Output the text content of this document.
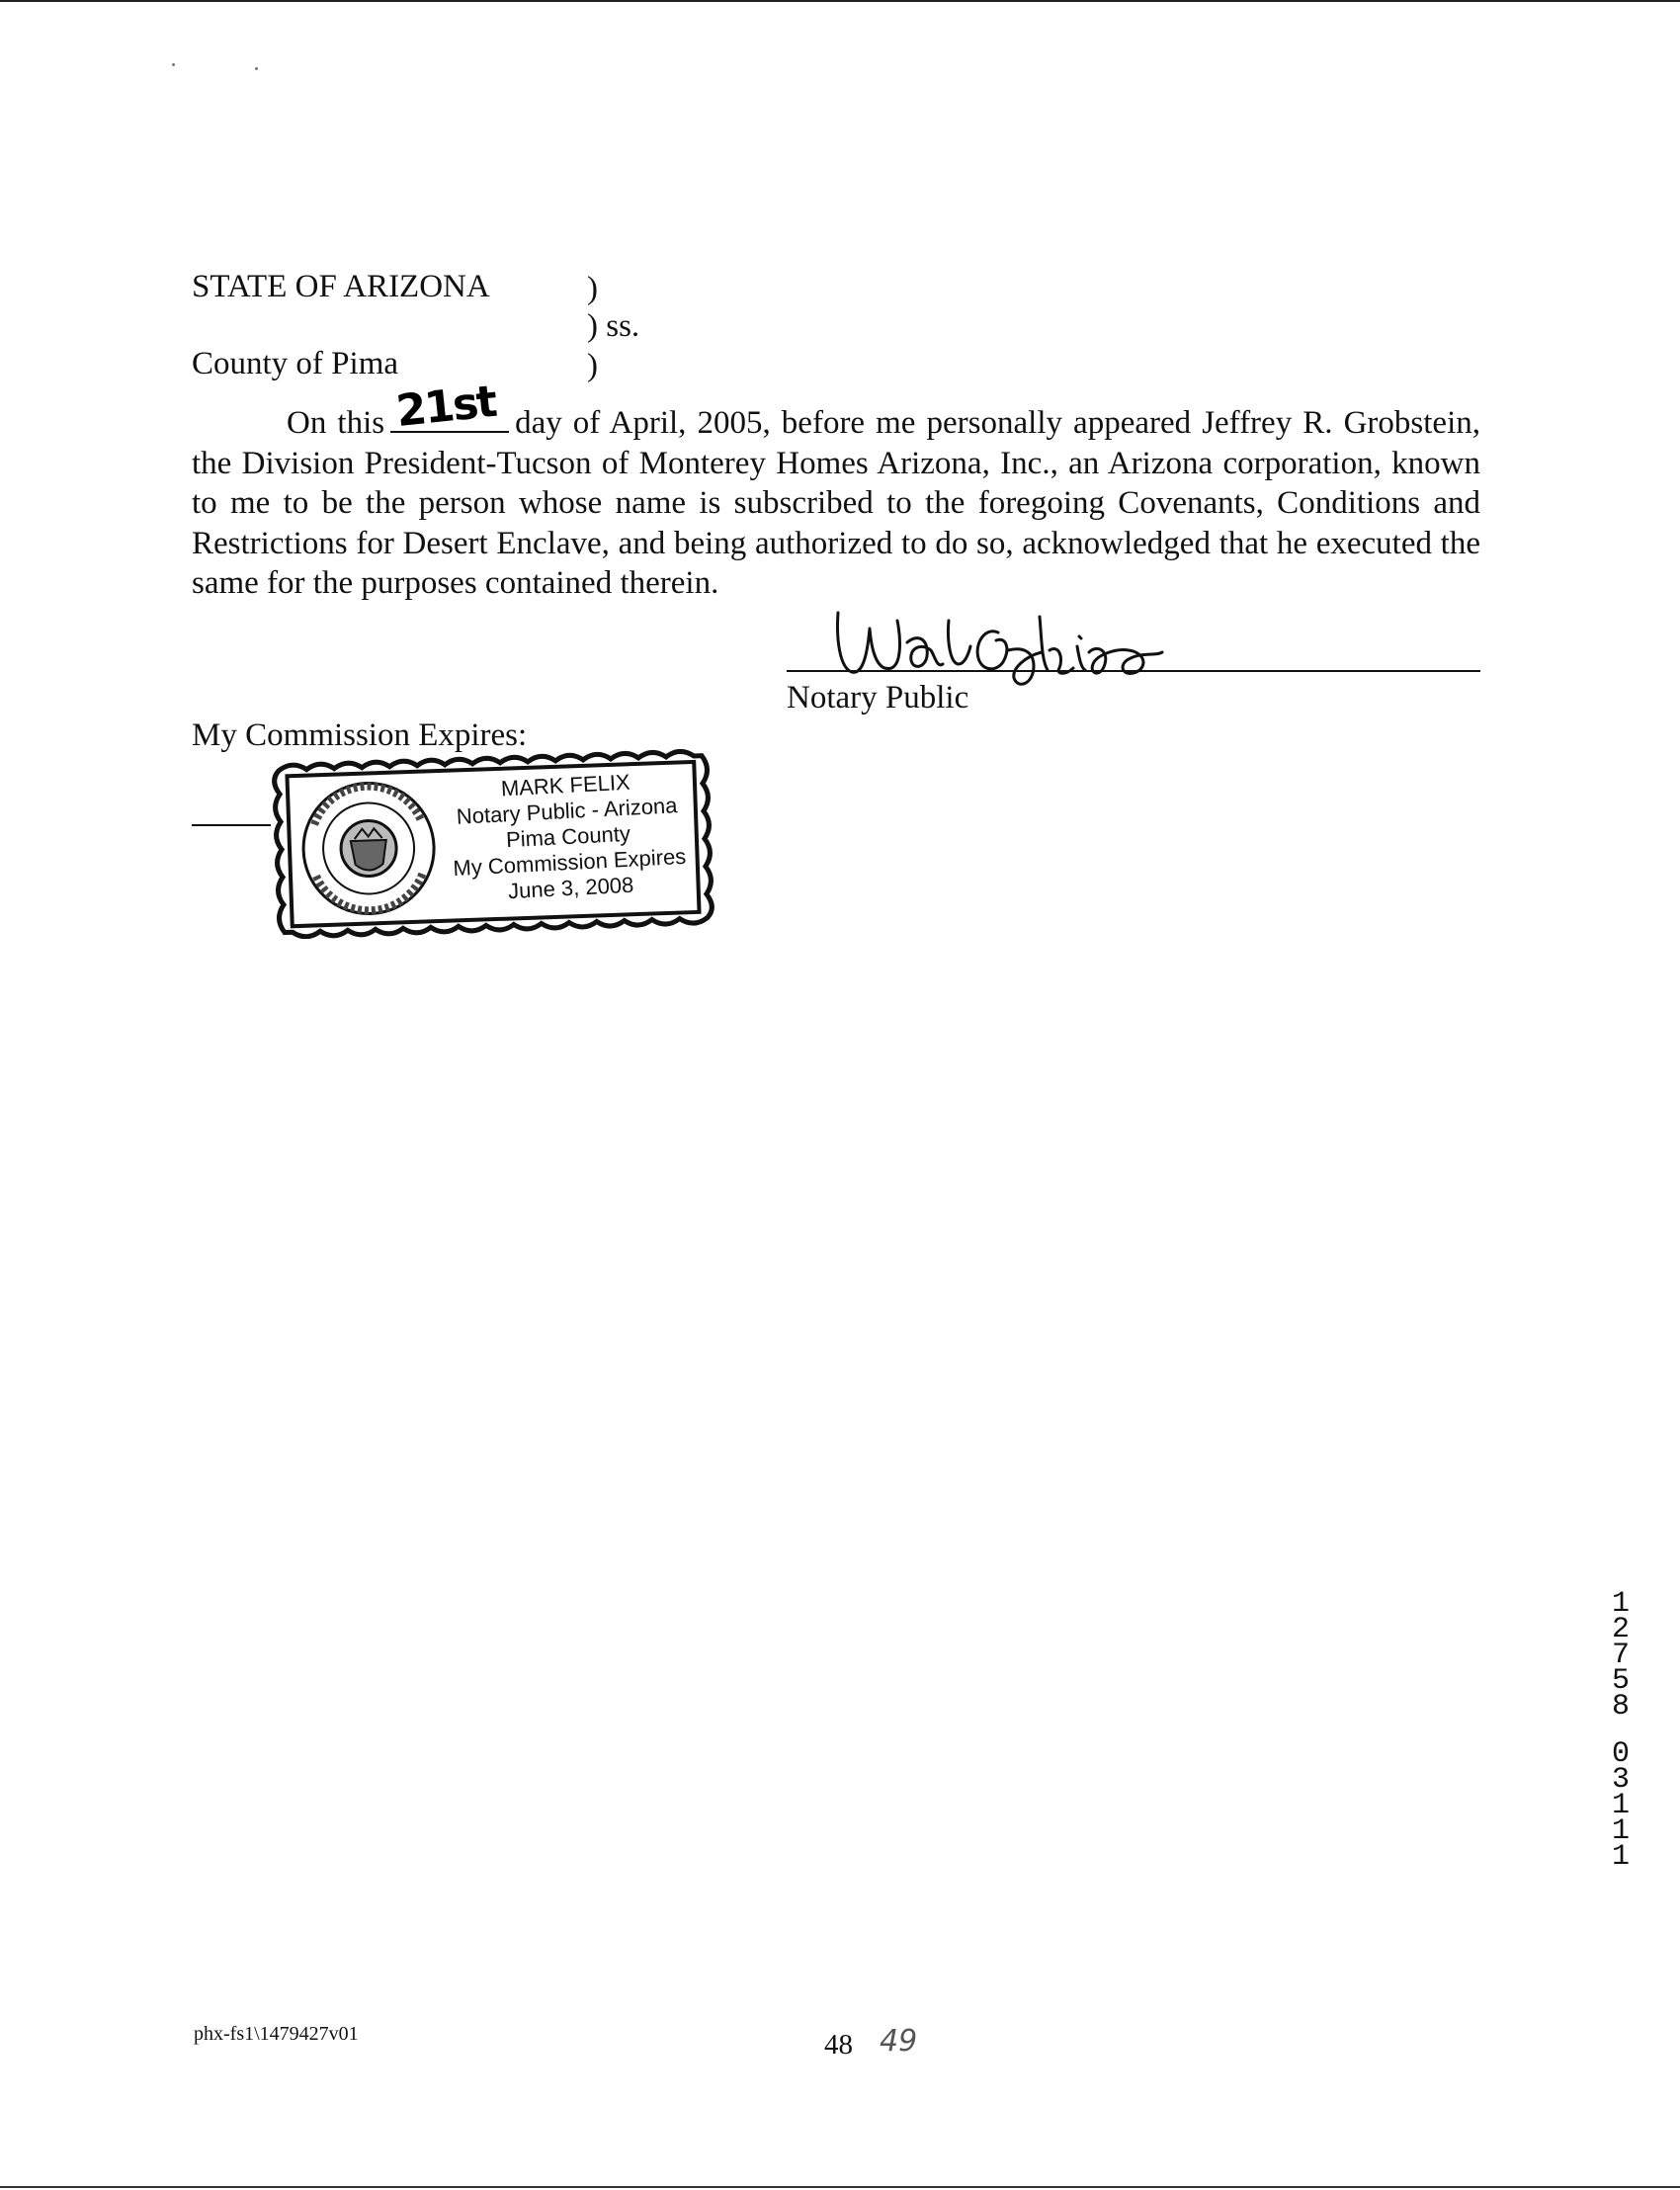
STATE OF ARIZONA	)
) ss.
County of Pima	)
On this 21st day of April, 2005, before me personally appeared Jeffrey R. Grobstein, the Division President-Tucson of Monterey Homes Arizona, Inc., an Arizona corporation, known to me to be the person whose name is subscribed to the foregoing Covenants, Conditions and Restrictions for Desert Enclave, and being authorized to do so, acknowledged that he executed the same for the purposes contained therein.
Notary Public
My Commission Expires:
MARK FELIX
Notary Public - Arizona
Pima County
My Commission Expires
June 3, 2008
1
2
7
5
8
0
3
1
1
1
phx-fs1\1479427v01	48 49
